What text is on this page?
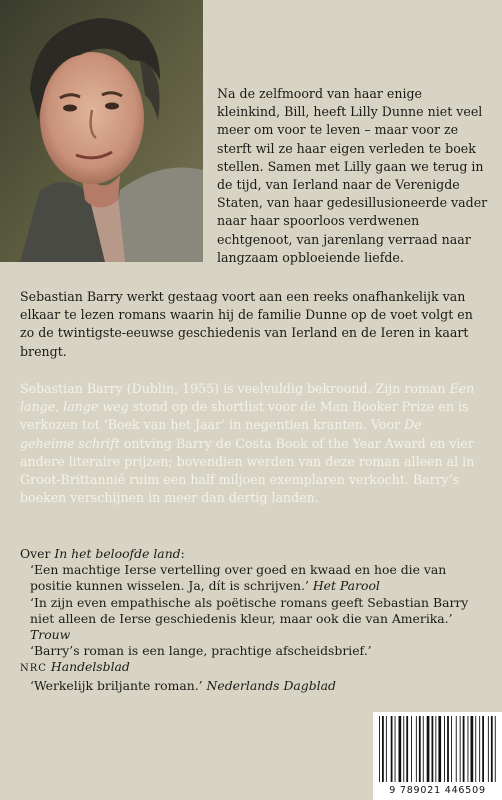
Na de zelfmoord van haar enige kleinkind, Bill, heeft Lilly Dunne niet veel meer om voor te leven – maar voor ze sterft wil ze haar eigen verleden te boek stellen. Samen met Lilly gaan we terug in de tijd, van Ierland naar de Verenigde Staten, van haar gedesillusioneerde vader naar haar spoorloos verdwenen echtgenoot, van jarenlang verraad naar langzaam opbloeiende liefde.

Sebastian Barry werkt gestaag voort aan een reeks onafhankelijk van elkaar te lezen romans waarin hij de familie Dunne op de voet volgt en zo de twintigste-eeuwse geschiedenis van Ierland en de Ieren in kaart brengt.

Sebastian Barry (Dublin, 1955) is veelvuldig bekroond. Zijn roman Een lange, lange weg stond op de shortlist voor de Man Booker Prize en is verkozen tot ‘Boek van het Jaar’ in negentien kranten. Voor De geheime schrift ontving Barry de Costa Book of the Year Award en vier andere literaire prijzen; bovendien werden van deze roman alleen al in Groot-Brittannië ruim een half miljoen exemplaren verkocht. Barry’s boeken verschijnen in meer dan dertig landen.

Over In het beloofde land:

‘Een machtige Ierse vertelling over goed en kwaad en hoe die van positie kunnen wisselen. Ja, dít is schrijven.’ Het Parool

‘In zijn even empathische als poëtische romans geeft Sebastian Barry niet alleen de Ierse geschiedenis kleur, maar ook die van Amerika.’ Trouw

‘Barry’s roman is een lange, prachtige afscheidsbrief.’

NRC Handelsblad

‘Werkelijk briljante roman.’ Nederlands Dagblad

9 789021 446509
